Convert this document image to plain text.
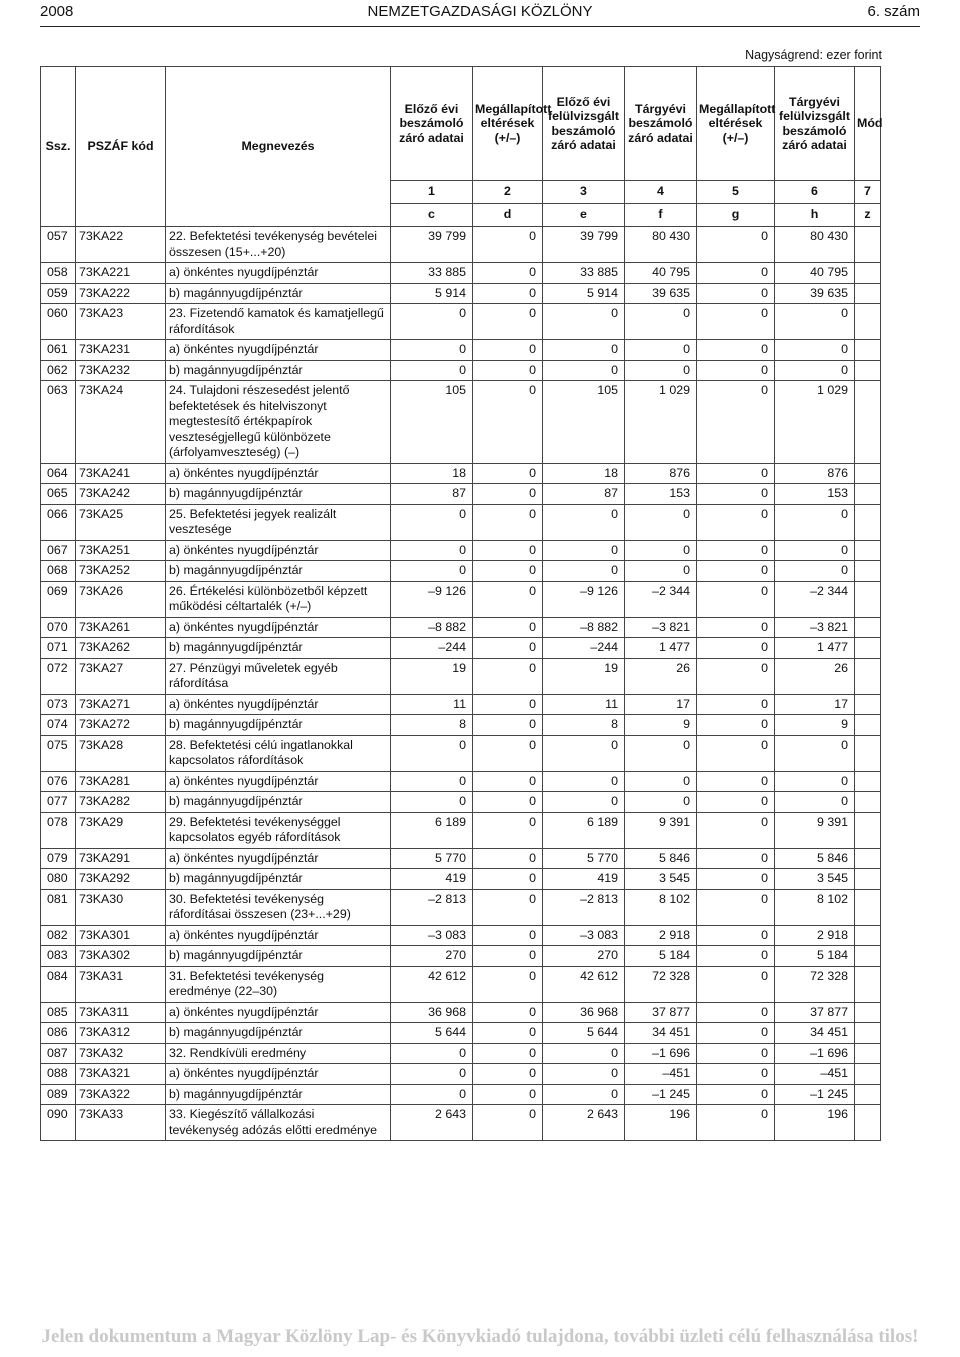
2008	NEMZETGAZDASÁGI KÖZLÖNY	6. szám
Nagyságrend: ezer forint
Ssz.	PSZÁF kód	Megnevezés	Előző évi beszámoló záró adatai	Megállapított eltérések (+/–)	Előző évi felülvizsgált beszámoló záró adatai	Tárgyévi beszámoló záró adatai	Megállapított eltérések (+/–)	Tárgyévi felülvizsgált beszámoló záró adatai	Mód
			1	2	3	4	5	6	7
			c	d	e	f	g	h	z
057	73KA22	22. Befektetési tevékenység bevételei összesen (15+...+20)	39 799	0	39 799	80 430	0	80 430	
058	73KA221	a) önkéntes nyugdíjpénztár	33 885	0	33 885	40 795	0	40 795	
059	73KA222	b) magánnyugdíjpénztár	5 914	0	5 914	39 635	0	39 635	
060	73KA23	23. Fizetendő kamatok és kamatjellegű ráfordítások	0	0	0	0	0	0	
061	73KA231	a) önkéntes nyugdíjpénztár	0	0	0	0	0	0	
062	73KA232	b) magánnyugdíjpénztár	0	0	0	0	0	0	
063	73KA24	24. Tulajdoni részesedést jelentő befektetések és hitelviszonyt megtestesítő értékpapírok veszteségjellegű különbözete (árfolyamveszteség) (–)	105	0	105	1 029	0	1 029	
064	73KA241	a) önkéntes nyugdíjpénztár	18	0	18	876	0	876	
065	73KA242	b) magánnyugdíjpénztár	87	0	87	153	0	153	
066	73KA25	25. Befektetési jegyek realizált vesztesége	0	0	0	0	0	0	
067	73KA251	a) önkéntes nyugdíjpénztár	0	0	0	0	0	0	
068	73KA252	b) magánnyugdíjpénztár	0	0	0	0	0	0	
069	73KA26	26. Értékelési különbözetből képzett működési céltartalék (+/–)	–9 126	0	–9 126	–2 344	0	–2 344	
070	73KA261	a) önkéntes nyugdíjpénztár	–8 882	0	–8 882	–3 821	0	–3 821	
071	73KA262	b) magánnyugdíjpénztár	–244	0	–244	1 477	0	1 477	
072	73KA27	27. Pénzügyi műveletek egyéb ráfordítása	19	0	19	26	0	26	
073	73KA271	a) önkéntes nyugdíjpénztár	11	0	11	17	0	17	
074	73KA272	b) magánnyugdíjpénztár	8	0	8	9	0	9	
075	73KA28	28. Befektetési célú ingatlanokkal kapcsolatos ráfordítások	0	0	0	0	0	0	
076	73KA281	a) önkéntes nyugdíjpénztár	0	0	0	0	0	0	
077	73KA282	b) magánnyugdíjpénztár	0	0	0	0	0	0	
078	73KA29	29. Befektetési tevékenységgel kapcsolatos egyéb ráfordítások	6 189	0	6 189	9 391	0	9 391	
079	73KA291	a) önkéntes nyugdíjpénztár	5 770	0	5 770	5 846	0	5 846	
080	73KA292	b) magánnyugdíjpénztár	419	0	419	3 545	0	3 545	
081	73KA30	30. Befektetési tevékenység ráfordításai összesen (23+...+29)	–2 813	0	–2 813	8 102	0	8 102	
082	73KA301	a) önkéntes nyugdíjpénztár	–3 083	0	–3 083	2 918	0	2 918	
083	73KA302	b) magánnyugdíjpénztár	270	0	270	5 184	0	5 184	
084	73KA31	31. Befektetési tevékenység eredménye (22–30)	42 612	0	42 612	72 328	0	72 328	
085	73KA311	a) önkéntes nyugdíjpénztár	36 968	0	36 968	37 877	0	37 877	
086	73KA312	b) magánnyugdíjpénztár	5 644	0	5 644	34 451	0	34 451	
087	73KA32	32. Rendkívüli eredmény	0	0	0	–1 696	0	–1 696	
088	73KA321	a) önkéntes nyugdíjpénztár	0	0	0	–451	0	–451	
089	73KA322	b) magánnyugdíjpénztár	0	0	0	–1 245	0	–1 245	
090	73KA33	33. Kiegészítő vállalkozási tevékenység adózás előtti eredménye	2 643	0	2 643	196	0	196	
Jelen dokumentum a Magyar Közlöny Lap- és Könyvkiadó tulajdona, további üzleti célú felhasználása tilos!
